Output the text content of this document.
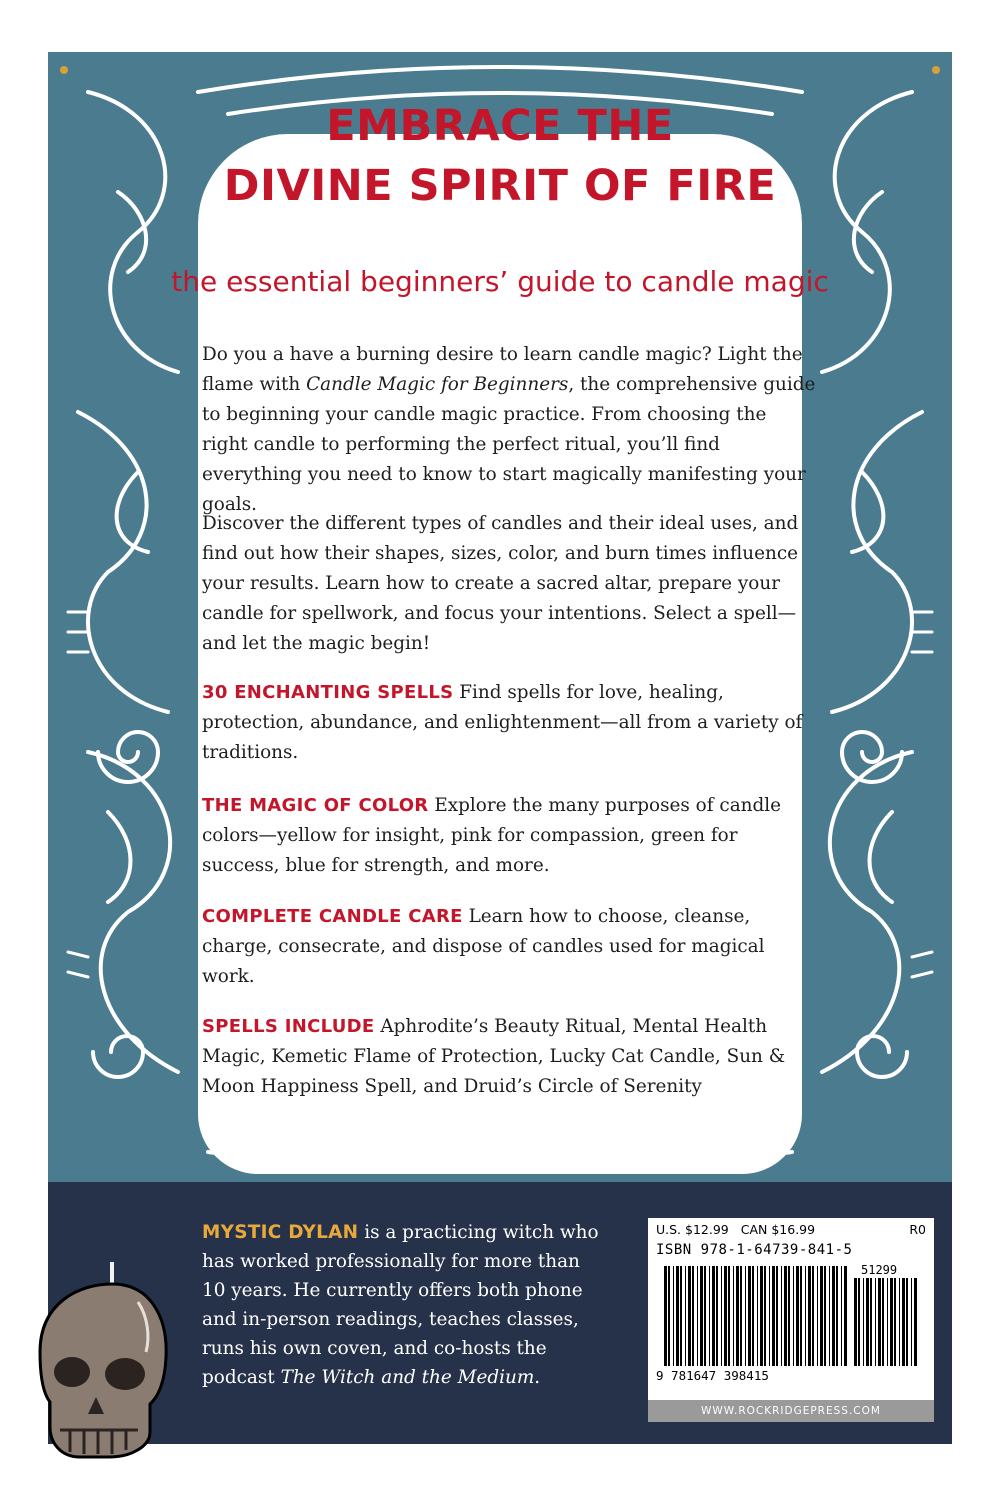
EMBRACE THE
DIVINE SPIRIT OF FIRE

the essential beginners’ guide to candle magic

Do you a have a burning desire to learn candle magic? Light the flame with Candle Magic for Beginners, the comprehensive guide to beginning your candle magic practice. From choosing the right candle to performing the perfect ritual, you’ll find everything you need to know to start magically manifesting your goals.

Discover the different types of candles and their ideal uses, and find out how their shapes, sizes, color, and burn times influence your results. Learn how to create a sacred altar, prepare your candle for spellwork, and focus your intentions. Select a spell—and let the magic begin!

30 ENCHANTING SPELLS Find spells for love, healing, protection, abundance, and enlightenment—all from a variety of traditions.

THE MAGIC OF COLOR Explore the many purposes of candle colors—yellow for insight, pink for compassion, green for success, blue for strength, and more.

COMPLETE CANDLE CARE Learn how to choose, cleanse, charge, consecrate, and dispose of candles used for magical work.

SPELLS INCLUDE Aphrodite’s Beauty Ritual, Mental Health Magic, Kemetic Flame of Protection, Lucky Cat Candle, Sun & Moon Happiness Spell, and Druid’s Circle of Serenity

MYSTIC DYLAN is a practicing witch who has worked professionally for more than 10 years. He currently offers both phone and in-person readings, teaches classes, runs his own coven, and co-hosts the podcast The Witch and the Medium.

U.S. $12.99 CAN $16.99	R0
ISBN 978-1-64739-841-5
51299
9 781647 398415
WWW.ROCKRIDGEPRESS.COM
